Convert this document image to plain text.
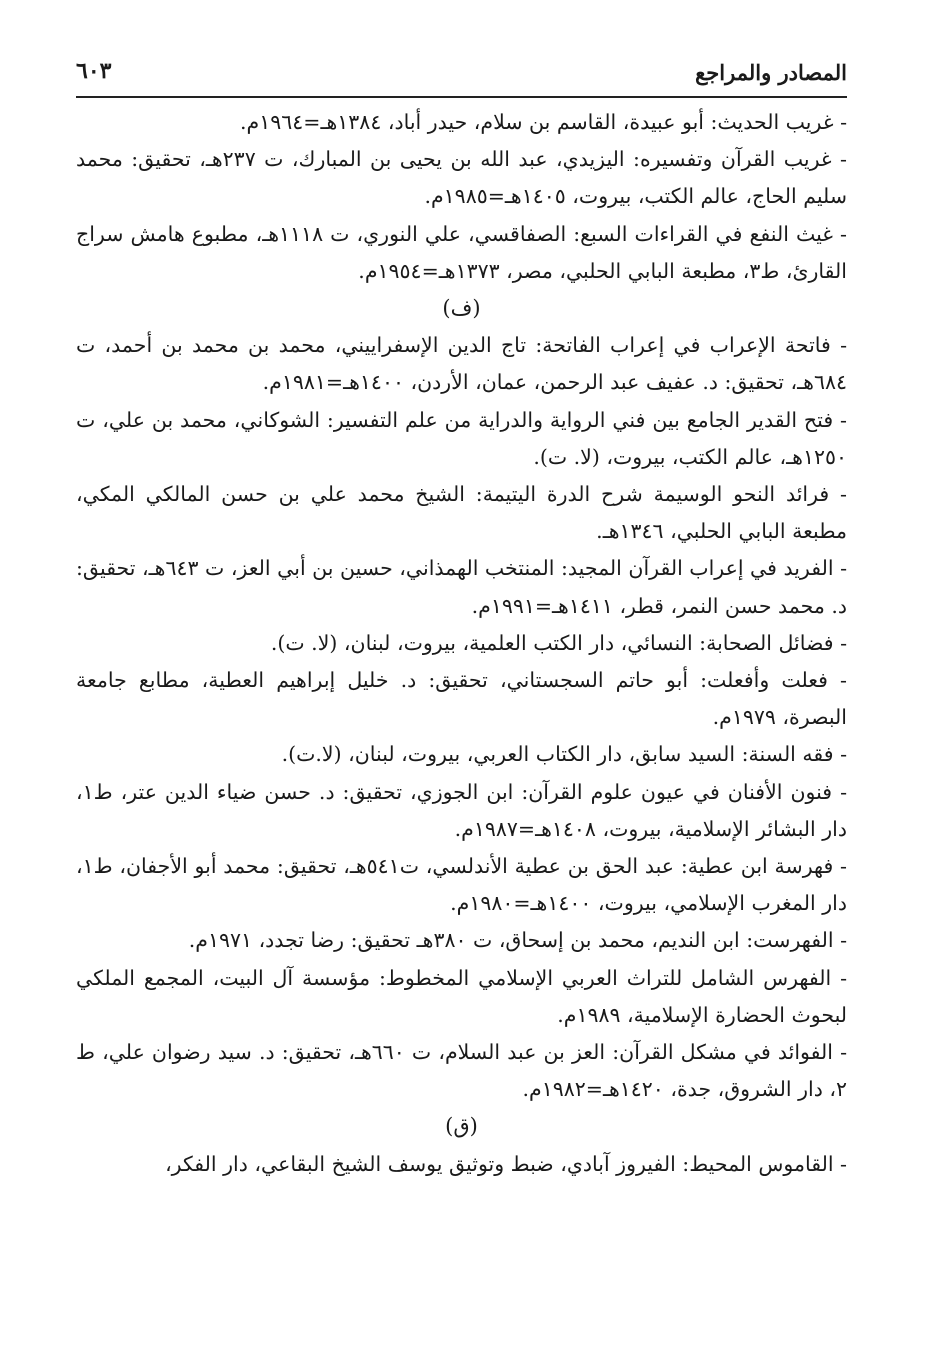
المصادر والمراجع
٦٠٣

- غريب الحديث: أبو عبيدة، القاسم بن سلام، حيدر أباد، ١٣٨٤هـ=١٩٦٤م.

- غريب القرآن وتفسيره: اليزيدي، عبد الله بن يحيى بن المبارك، ت ٢٣٧هـ، تحقيق: محمد سليم الحاج، عالم الكتب، بيروت، ١٤٠٥هـ=١٩٨٥م.

- غيث النفع في القراءات السبع: الصفاقسي، علي النوري، ت ١١١٨هـ، مطبوع هامش سراج القارئ، ط٣، مطبعة البابي الحلبي، مصر، ١٣٧٣هـ=١٩٥٤م.

(ف)

- فاتحة الإعراب في إعراب الفاتحة: تاج الدين الإسفراييني، محمد بن محمد بن أحمد، ت ٦٨٤هـ، تحقيق: د. عفيف عبد الرحمن، عمان، الأردن، ١٤٠٠هـ=١٩٨١م.

- فتح القدير الجامع بين فني الرواية والدراية من علم التفسير: الشوكاني، محمد بن علي، ت ١٢٥٠هـ، عالم الكتب، بيروت، (لا. ت).

- فرائد النحو الوسيمة شرح الدرة اليتيمة: الشيخ محمد علي بن حسن المالكي المكي، مطبعة البابي الحلبي، ١٣٤٦هـ.

- الفريد في إعراب القرآن المجيد: المنتخب الهمذاني، حسين بن أبي العز، ت ٦٤٣هـ، تحقيق: د. محمد حسن النمر، قطر، ١٤١١هـ=١٩٩١م.

- فضائل الصحابة: النسائي، دار الكتب العلمية، بيروت، لبنان، (لا. ت).

- فعلت وأفعلت: أبو حاتم السجستاني، تحقيق: د. خليل إبراهيم العطية، مطابع جامعة البصرة، ١٩٧٩م.

- فقه السنة: السيد سابق، دار الكتاب العربي، بيروت، لبنان، (لا.ت).

- فنون الأفنان في عيون علوم القرآن: ابن الجوزي، تحقيق: د. حسن ضياء الدين عتر، ط١، دار البشائر الإسلامية، بيروت، ١٤٠٨هـ=١٩٨٧م.

- فهرسة ابن عطية: عبد الحق بن عطية الأندلسي، ت٥٤١هـ، تحقيق: محمد أبو الأجفان، ط١، دار المغرب الإسلامي، بيروت، ١٤٠٠هـ=١٩٨٠م.

- الفهرست: ابن النديم، محمد بن إسحاق، ت ٣٨٠هـ تحقيق: رضا تجدد، ١٩٧١م.

- الفهرس الشامل للتراث العربي الإسلامي المخطوط: مؤسسة آل البيت، المجمع الملكي لبحوث الحضارة الإسلامية، ١٩٨٩م.

- الفوائد في مشكل القرآن: العز بن عبد السلام، ت ٦٦٠هـ، تحقيق: د. سيد رضوان علي، ط ٢، دار الشروق، جدة، ١٤٢٠هـ=١٩٨٢م.

(ق)

- القاموس المحيط: الفيروز آبادي، ضبط وتوثيق يوسف الشيخ البقاعي، دار الفكر،
